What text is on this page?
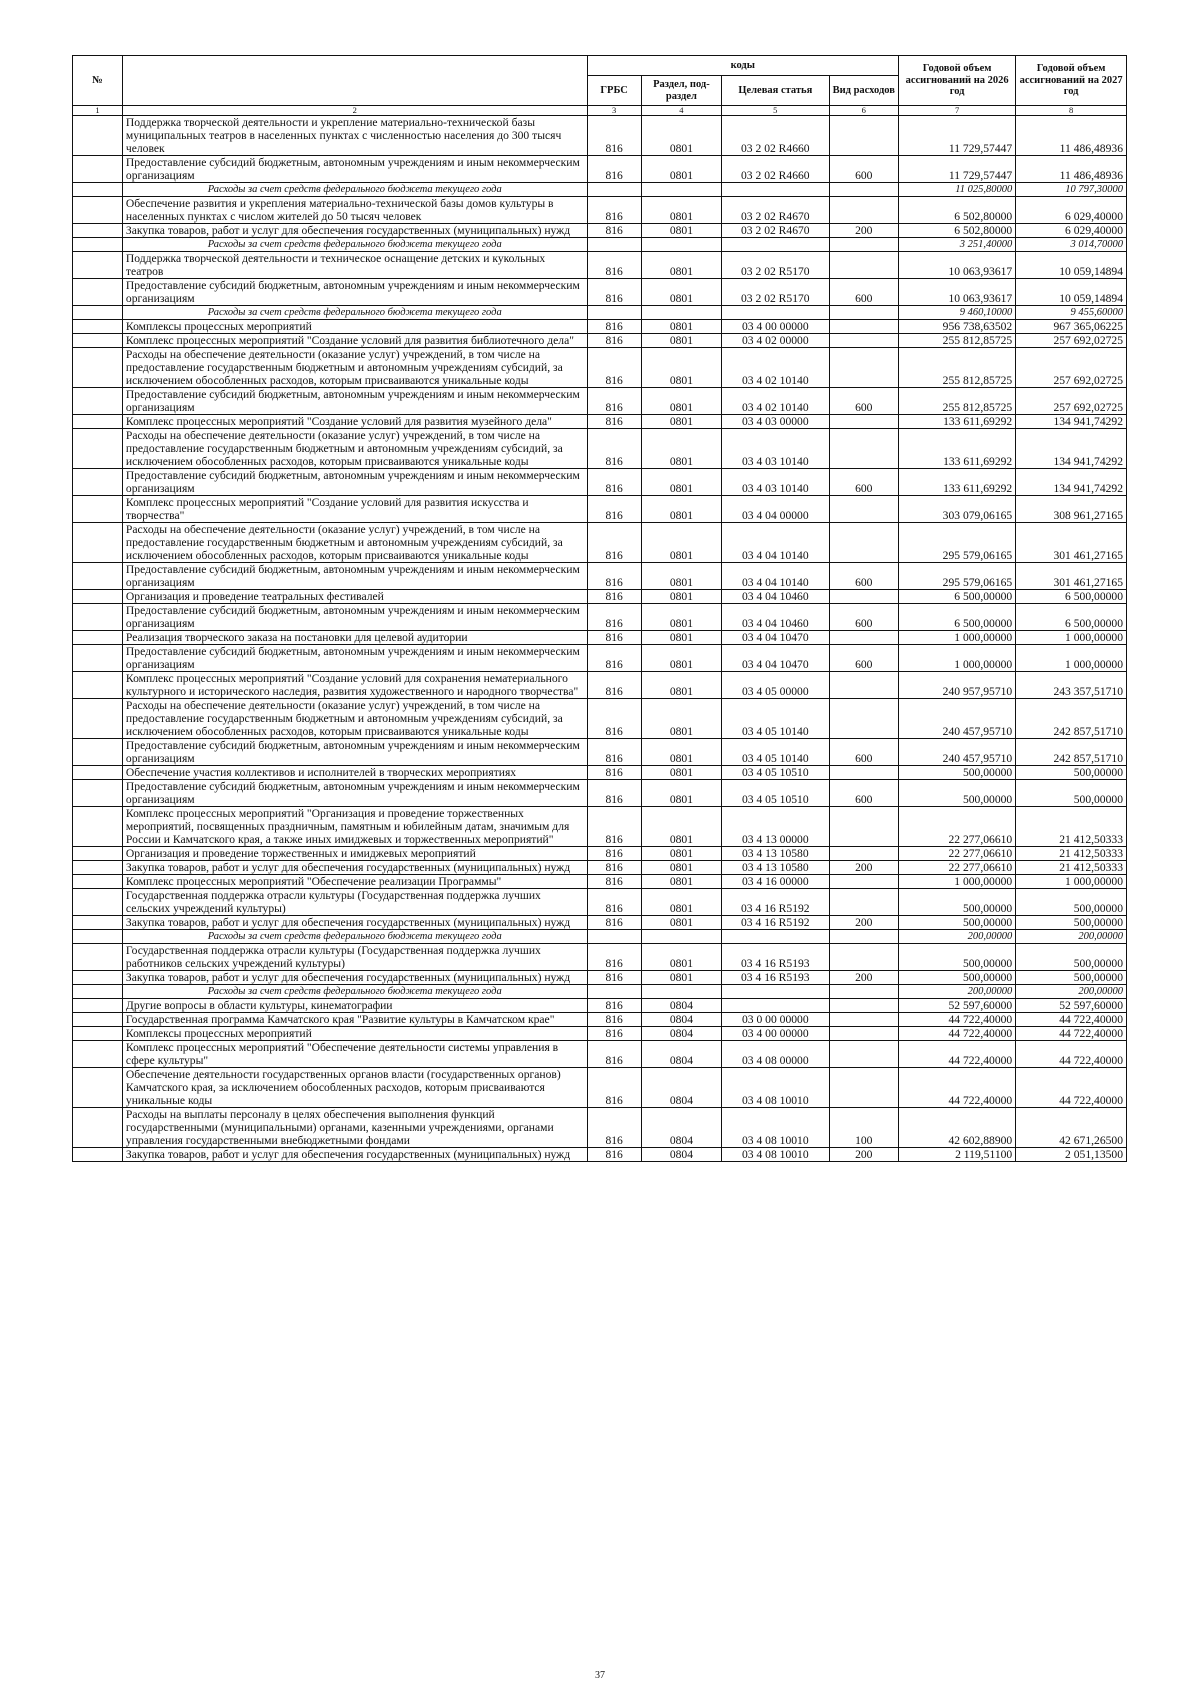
№		коды				Годовой объем ассигнований на 2026 год	Годовой объем ассигнований на 2027 год
		ГРБС	Раздел, под-раздел	Целевая статья	Вид расходов		
1	2	3	4	5	6	7	8
	Поддержка творческой деятельности и укрепление материально-технической базы муниципальных театров в населенных пунктах с численностью населения до 300 тысяч человек	816	0801	03 2 02 R4660		11 729,57447	11 486,48936
	Предоставление субсидий бюджетным, автономным учреждениям и иным некоммерческим организациям	816	0801	03 2 02 R4660	600	11 729,57447	11 486,48936
	Расходы за счет средств федерального бюджета текущего года					11 025,80000	10 797,30000
	Обеспечение развития и укрепления материально-технической базы домов культуры в населенных пунктах с числом жителей до 50 тысяч человек	816	0801	03 2 02 R4670		6 502,80000	6 029,40000
	Закупка товаров, работ и услуг для обеспечения государственных (муниципальных) нужд	816	0801	03 2 02 R4670	200	6 502,80000	6 029,40000
	Расходы за счет средств федерального бюджета текущего года					3 251,40000	3 014,70000
	Поддержка творческой деятельности и техническое оснащение детских и кукольных театров	816	0801	03 2 02 R5170		10 063,93617	10 059,14894
	Предоставление субсидий бюджетным, автономным учреждениям и иным некоммерческим организациям	816	0801	03 2 02 R5170	600	10 063,93617	10 059,14894
	Расходы за счет средств федерального бюджета текущего года					9 460,10000	9 455,60000
	Комплексы процессных мероприятий	816	0801	03 4 00 00000		956 738,63502	967 365,06225
	Комплекс процессных мероприятий "Создание условий для развития библиотечного дела"	816	0801	03 4 02 00000		255 812,85725	257 692,02725
	Расходы на обеспечение деятельности (оказание услуг) учреждений, в том числе на предоставление государственным бюджетным и автономным учреждениям субсидий, за исключением обособленных расходов, которым присваиваются уникальные коды	816	0801	03 4 02 10140		255 812,85725	257 692,02725
	Предоставление субсидий бюджетным, автономным учреждениям и иным некоммерческим организациям	816	0801	03 4 02 10140	600	255 812,85725	257 692,02725
	Комплекс процессных мероприятий "Создание условий для развития музейного дела"	816	0801	03 4 03 00000		133 611,69292	134 941,74292
	Расходы на обеспечение деятельности (оказание услуг) учреждений, в том числе на предоставление государственным бюджетным и автономным учреждениям субсидий, за исключением обособленных расходов, которым присваиваются уникальные коды	816	0801	03 4 03 10140		133 611,69292	134 941,74292
	Предоставление субсидий бюджетным, автономным учреждениям и иным некоммерческим организациям	816	0801	03 4 03 10140	600	133 611,69292	134 941,74292
	Комплекс процессных мероприятий "Создание условий для развития искусства и творчества"	816	0801	03 4 04 00000		303 079,06165	308 961,27165
	Расходы на обеспечение деятельности (оказание услуг) учреждений, в том числе на предоставление государственным бюджетным и автономным учреждениям субсидий, за исключением обособленных расходов, которым присваиваются уникальные коды	816	0801	03 4 04 10140		295 579,06165	301 461,27165
	Предоставление субсидий бюджетным, автономным учреждениям и иным некоммерческим организациям	816	0801	03 4 04 10140	600	295 579,06165	301 461,27165
	Организация и проведение театральных фестивалей	816	0801	03 4 04 10460		6 500,00000	6 500,00000
	Предоставление субсидий бюджетным, автономным учреждениям и иным некоммерческим организациям	816	0801	03 4 04 10460	600	6 500,00000	6 500,00000
	Реализация творческого заказа на постановки для целевой аудитории	816	0801	03 4 04 10470		1 000,00000	1 000,00000
	Предоставление субсидий бюджетным, автономным учреждениям и иным некоммерческим организациям	816	0801	03 4 04 10470	600	1 000,00000	1 000,00000
	Комплекс процессных мероприятий "Создание условий для сохранения нематериального культурного и исторического наследия, развития художественного и народного творчества"	816	0801	03 4 05 00000		240 957,95710	243 357,51710
	Расходы на обеспечение деятельности (оказание услуг) учреждений, в том числе на предоставление государственным бюджетным и автономным учреждениям субсидий, за исключением обособленных расходов, которым присваиваются уникальные коды	816	0801	03 4 05 10140		240 457,95710	242 857,51710
	Предоставление субсидий бюджетным, автономным учреждениям и иным некоммерческим организациям	816	0801	03 4 05 10140	600	240 457,95710	242 857,51710
	Обеспечение участия коллективов и исполнителей в творческих мероприятиях	816	0801	03 4 05 10510		500,00000	500,00000
	Предоставление субсидий бюджетным, автономным учреждениям и иным некоммерческим организациям	816	0801	03 4 05 10510	600	500,00000	500,00000
	Комплекс процессных мероприятий "Организация и проведение торжественных мероприятий, посвященных праздничным, памятным и юбилейным датам, значимым для России и Камчатского края, а также иных имиджевых и торжественных мероприятий"	816	0801	03 4 13 00000		22 277,06610	21 412,50333
	Организация и проведение торжественных и имиджевых мероприятий	816	0801	03 4 13 10580		22 277,06610	21 412,50333
	Закупка товаров, работ и услуг для обеспечения государственных (муниципальных) нужд	816	0801	03 4 13 10580	200	22 277,06610	21 412,50333
	Комплекс процессных мероприятий "Обеспечение реализации Программы"	816	0801	03 4 16 00000		1 000,00000	1 000,00000
	Государственная поддержка отрасли культуры (Государственная поддержка лучших сельских учреждений культуры)	816	0801	03 4 16 R5192		500,00000	500,00000
	Закупка товаров, работ и услуг для обеспечения государственных (муниципальных) нужд	816	0801	03 4 16 R5192	200	500,00000	500,00000
	Расходы за счет средств федерального бюджета текущего года					200,00000	200,00000
	Государственная поддержка отрасли культуры (Государственная поддержка лучших работников сельских учреждений культуры)	816	0801	03 4 16 R5193		500,00000	500,00000
	Закупка товаров, работ и услуг для обеспечения государственных (муниципальных) нужд	816	0801	03 4 16 R5193	200	500,00000	500,00000
	Расходы за счет средств федерального бюджета текущего года					200,00000	200,00000
	Другие вопросы в области культуры, кинематографии	816	0804			52 597,60000	52 597,60000
	Государственная программа Камчатского края "Развитие культуры в Камчатском крае"	816	0804	03 0 00 00000		44 722,40000	44 722,40000
	Комплексы процессных мероприятий	816	0804	03 4 00 00000		44 722,40000	44 722,40000
	Комплекс процессных мероприятий "Обеспечение деятельности системы управления в сфере культуры"	816	0804	03 4 08 00000		44 722,40000	44 722,40000
	Обеспечение деятельности государственных органов власти (государственных органов) Камчатского края, за исключением обособленных расходов, которым присваиваются уникальные коды	816	0804	03 4 08 10010		44 722,40000	44 722,40000
	Расходы на выплаты персоналу в целях обеспечения выполнения функций государственными (муниципальными) органами, казенными учреждениями, органами управления государственными внебюджетными фондами	816	0804	03 4 08 10010	100	42 602,88900	42 671,26500
	Закупка товаров, работ и услуг для обеспечения государственных (муниципальных) нужд	816	0804	03 4 08 10010	200	2 119,51100	2 051,13500
37
